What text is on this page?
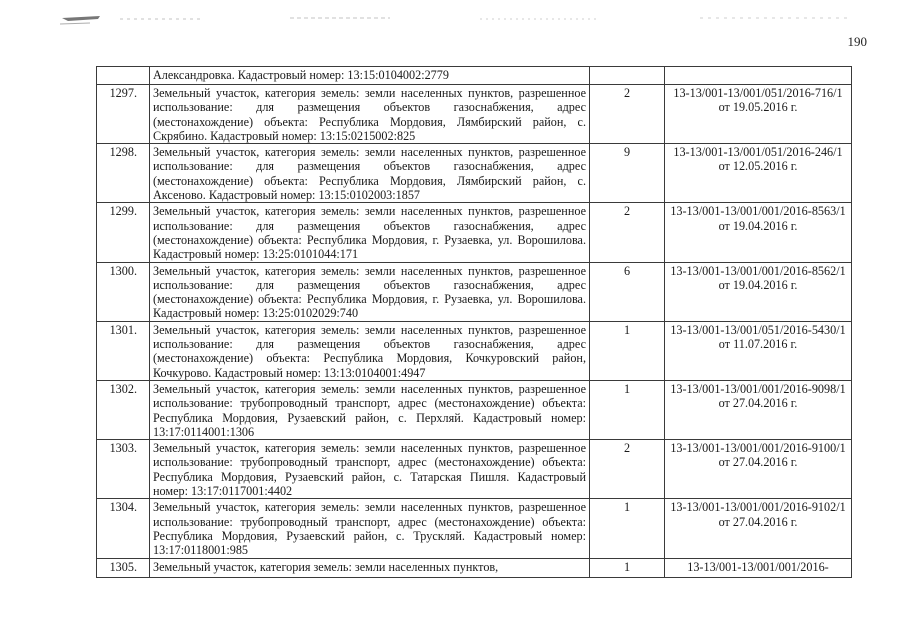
190
	Александровка. Кадастровый номер: 13:15:0104002:2779		
1297.	Земельный участок, категория земель: земли населенных пунктов, разрешенное использование: для размещения объектов газоснабжения, адрес (местонахождение) объекта: Республика Мордовия, Лямбирский район, с. Скрябино. Кадастровый номер: 13:15:0215002:825	2	13-13/001-13/001/051/2016-716/1 от 19.05.2016 г.
1298.	Земельный участок, категория земель: земли населенных пунктов, разрешенное использование: для размещения объектов газоснабжения, адрес (местонахождение) объекта: Республика Мордовия, Лямбирский район, с. Аксеново. Кадастровый номер: 13:15:0102003:1857	9	13-13/001-13/001/051/2016-246/1 от 12.05.2016 г.
1299.	Земельный участок, категория земель: земли населенных пунктов, разрешенное использование: для размещения объектов газоснабжения, адрес (местонахождение) объекта: Республика Мордовия, г. Рузаевка, ул. Ворошилова. Кадастровый номер: 13:25:0101044:171	2	13-13/001-13/001/001/2016-8563/1 от 19.04.2016 г.
1300.	Земельный участок, категория земель: земли населенных пунктов, разрешенное использование: для размещения объектов газоснабжения, адрес (местонахождение) объекта: Республика Мордовия, г. Рузаевка, ул. Ворошилова. Кадастровый номер: 13:25:0102029:740	6	13-13/001-13/001/001/2016-8562/1 от 19.04.2016 г.
1301.	Земельный участок, категория земель: земли населенных пунктов, разрешенное использование: для размещения объектов газоснабжения, адрес (местонахождение) объекта: Республика Мордовия, Кочкуровский район, Кочкурово. Кадастровый номер: 13:13:0104001:4947	1	13-13/001-13/001/051/2016-5430/1 от 11.07.2016 г.
1302.	Земельный участок, категория земель: земли населенных пунктов, разрешенное использование: трубопроводный транспорт, адрес (местонахождение) объекта: Республика Мордовия, Рузаевский район, с. Перхляй. Кадастровый номер: 13:17:0114001:1306	1	13-13/001-13/001/001/2016-9098/1 от 27.04.2016 г.
1303.	Земельный участок, категория земель: земли населенных пунктов, разрешенное использование: трубопроводный транспорт, адрес (местонахождение) объекта: Республика Мордовия, Рузаевский район, с. Татарская Пишля. Кадастровый номер: 13:17:0117001:4402	2	13-13/001-13/001/001/2016-9100/1 от 27.04.2016 г.
1304.	Земельный участок, категория земель: земли населенных пунктов, разрешенное использование: трубопроводный транспорт, адрес (местонахождение) объекта: Республика Мордовия, Рузаевский район, с. Трускляй. Кадастровый номер: 13:17:0118001:985	1	13-13/001-13/001/001/2016-9102/1 от 27.04.2016 г.
1305.	Земельный участок, категория земель: земли населенных пунктов,	1	13-13/001-13/001/001/2016-
